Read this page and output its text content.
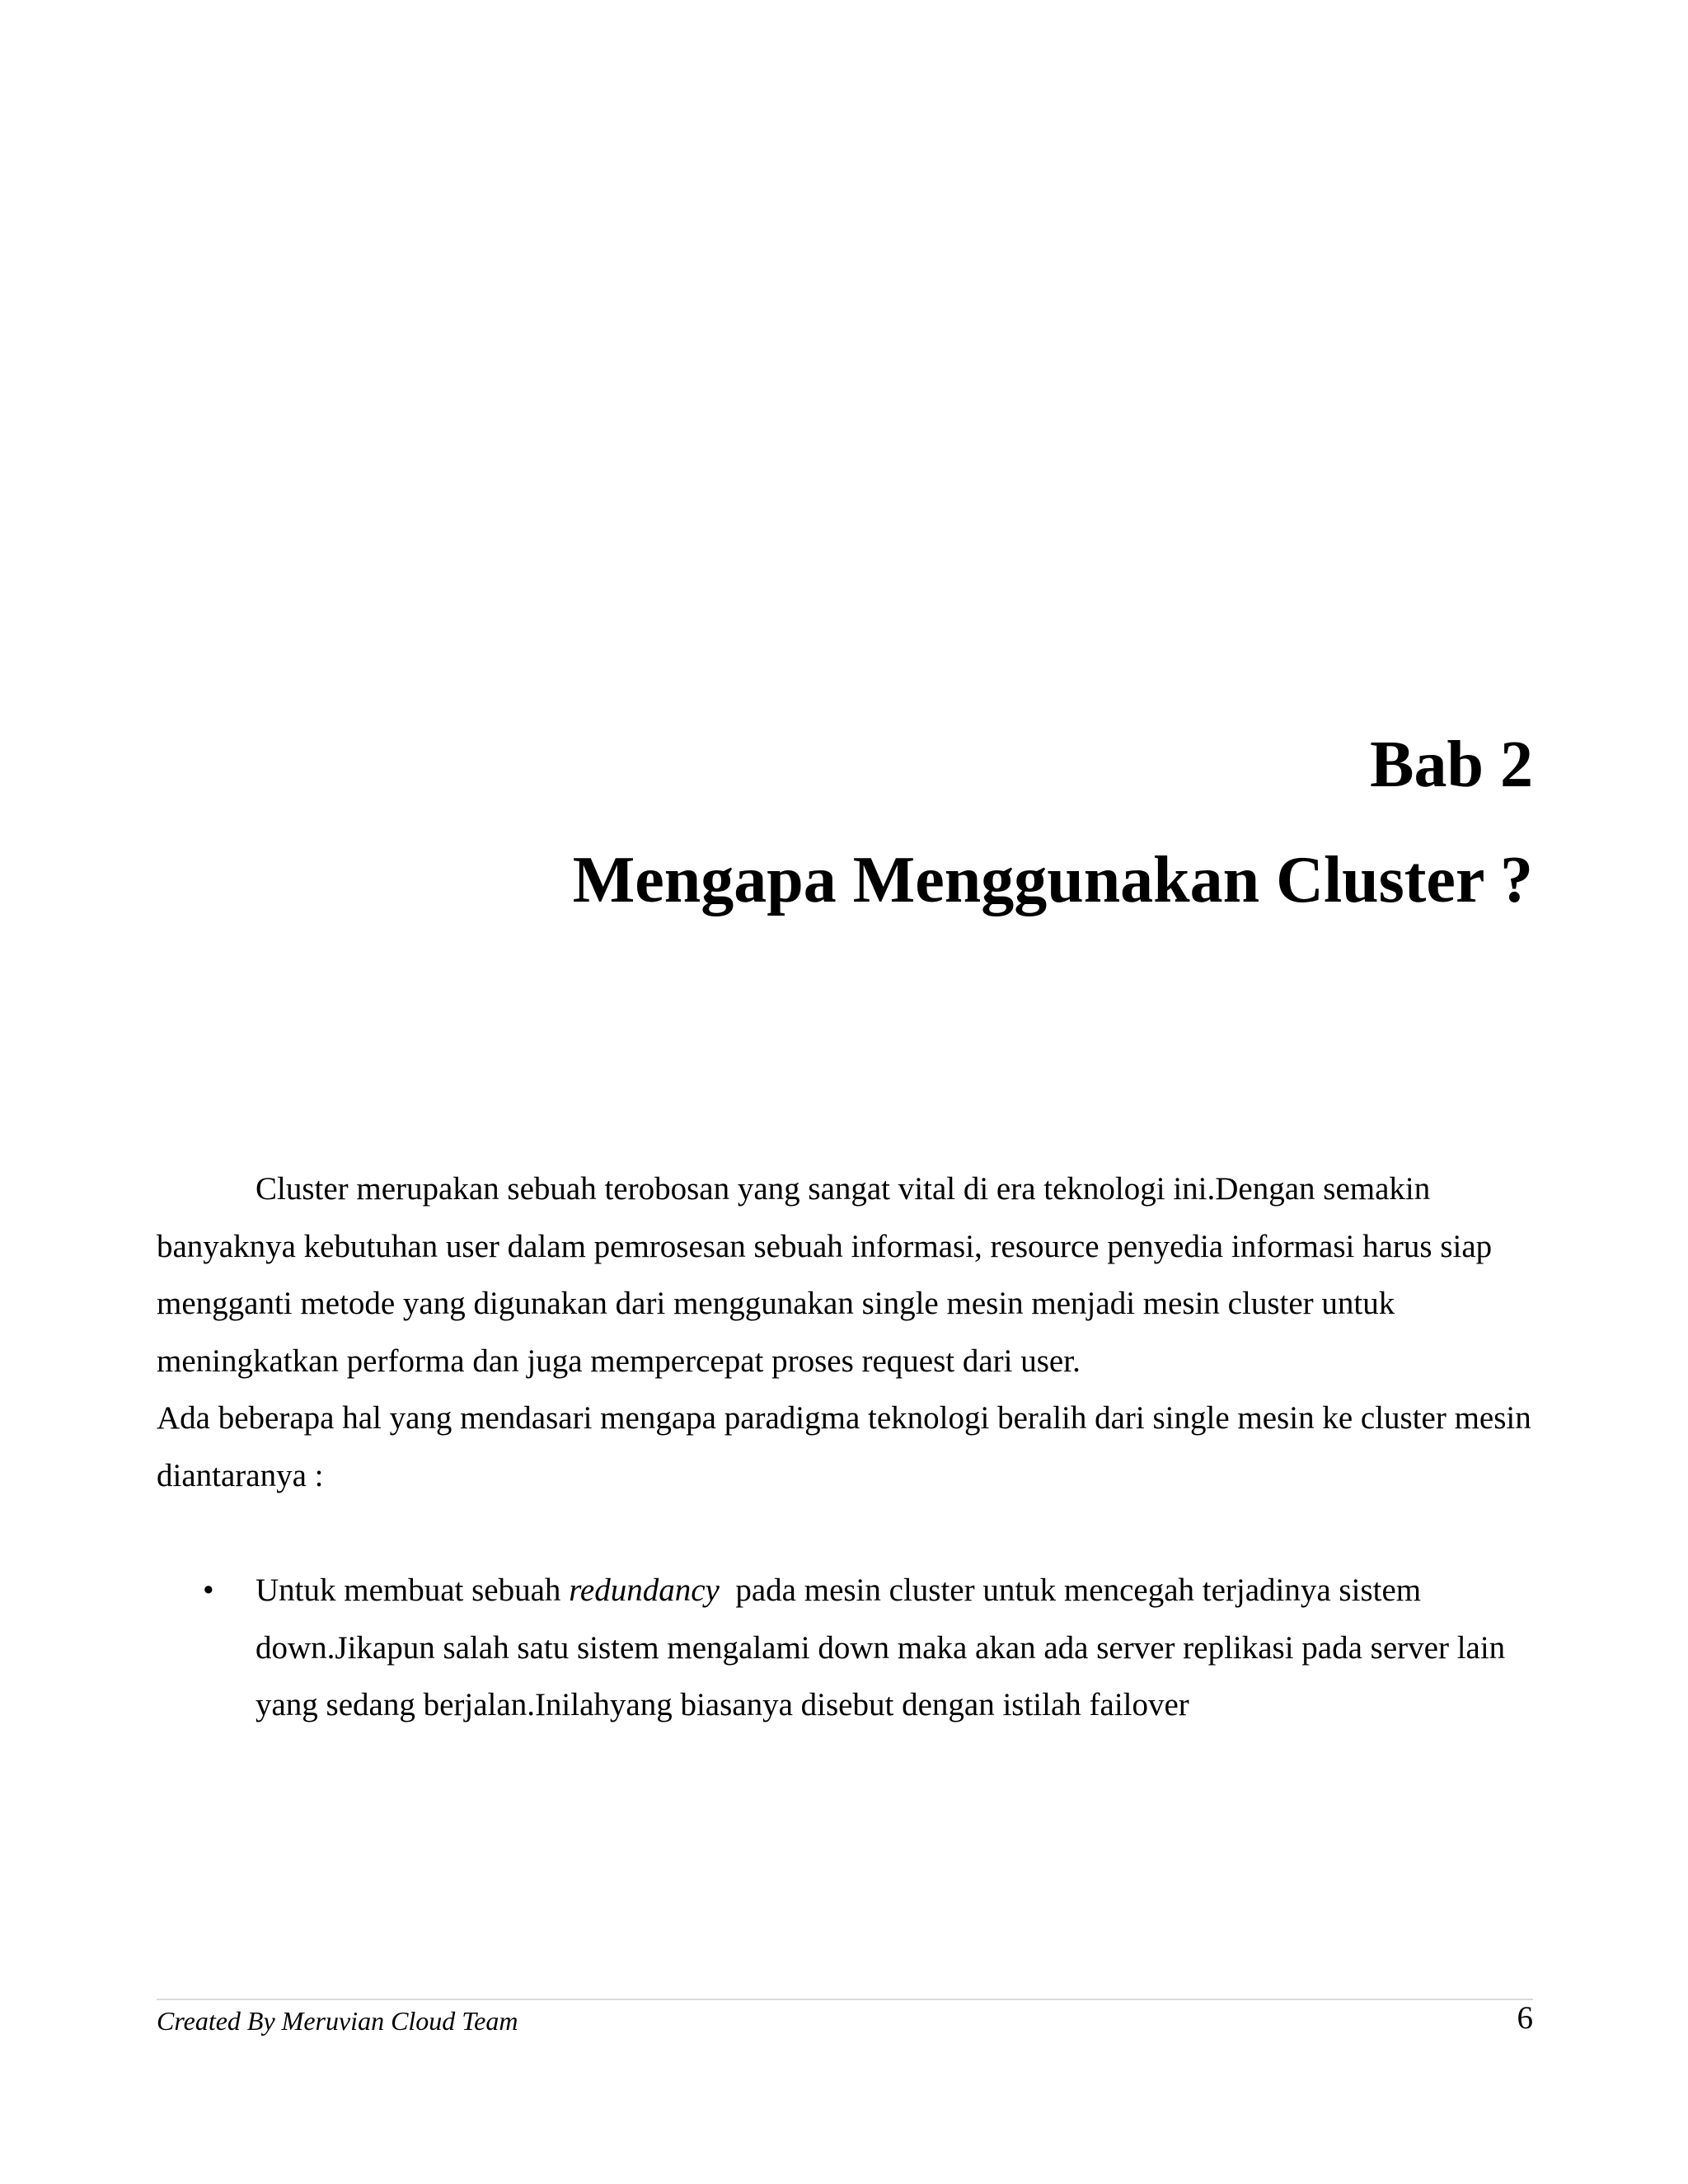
Bab 2
Mengapa Menggunakan Cluster ?

Cluster merupakan sebuah terobosan yang sangat vital di era teknologi ini.Dengan semakin banyaknya kebutuhan user dalam pemrosesan sebuah informasi, resource penyedia informasi harus siap mengganti metode yang digunakan dari menggunakan single mesin menjadi mesin cluster untuk meningkatkan performa dan juga mempercepat proses request dari user.

Ada beberapa hal yang mendasari mengapa paradigma teknologi beralih dari single mesin ke cluster mesin diantaranya :

• Untuk membuat sebuah redundancy  pada mesin cluster untuk mencegah terjadinya sistem down.Jikapun salah satu sistem mengalami down maka akan ada server replikasi pada server lain yang sedang berjalan.Inilahyang biasanya disebut dengan istilah failover
Created By Meruvian Cloud Team	6
